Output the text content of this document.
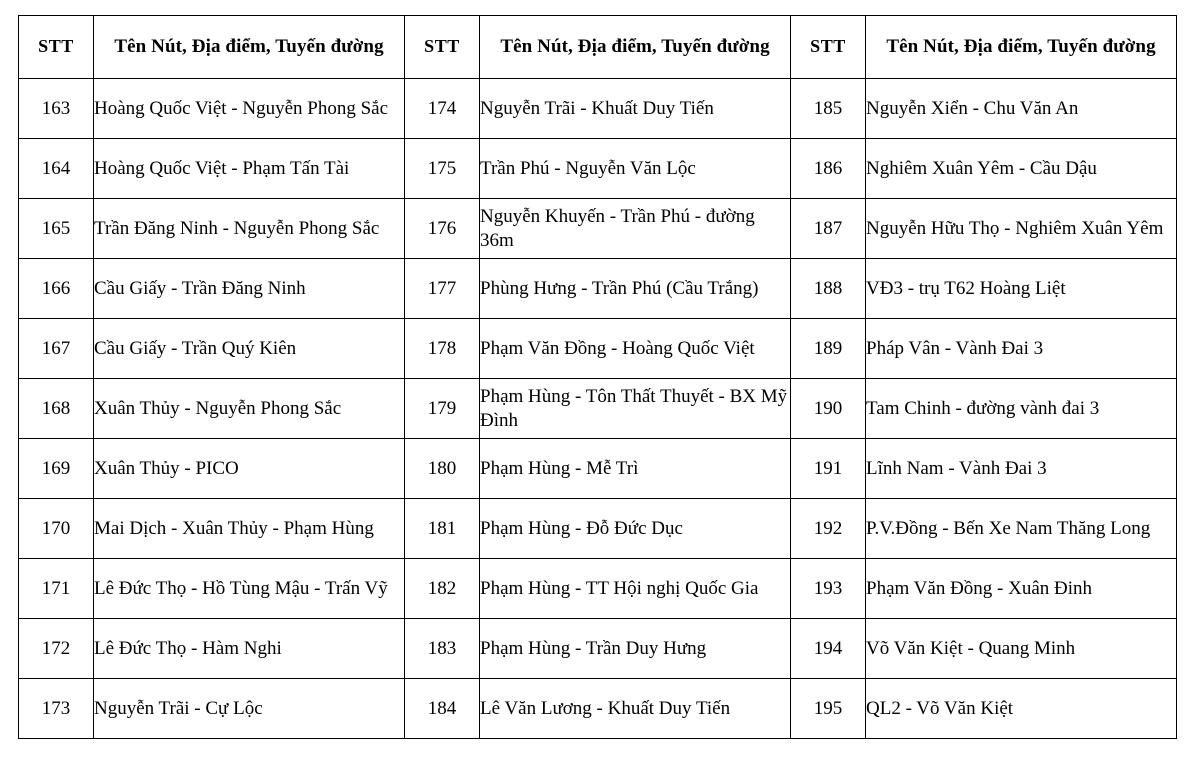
STT	Tên Nút, Địa điểm, Tuyến đường	STT	Tên Nút, Địa điểm, Tuyến đường	STT	Tên Nút, Địa điểm, Tuyến đường
163	Hoàng Quốc Việt - Nguyễn Phong Sắc	174	Nguyễn Trãi - Khuất Duy Tiến	185	Nguyễn Xiển - Chu Văn An
164	Hoàng Quốc Việt - Phạm Tấn Tài	175	Trần Phú - Nguyễn Văn Lộc	186	Nghiêm Xuân Yêm - Cầu Dậu
165	Trần Đăng Ninh - Nguyễn Phong Sắc	176	Nguyễn Khuyến - Trần Phú - đường 36m	187	Nguyễn Hữu Thọ - Nghiêm Xuân Yêm
166	Cầu Giấy - Trần Đăng Ninh	177	Phùng Hưng - Trần Phú (Cầu Trắng)	188	VĐ3 - trụ T62 Hoàng Liệt
167	Cầu Giấy - Trần Quý Kiên	178	Phạm Văn Đồng - Hoàng Quốc Việt	189	Pháp Vân - Vành Đai 3
168	Xuân Thủy - Nguyễn Phong Sắc	179	Phạm Hùng - Tôn Thất Thuyết - BX Mỹ Đình	190	Tam Chinh - đường vành đai 3
169	Xuân Thủy - PICO	180	Phạm Hùng - Mễ Trì	191	Lĩnh Nam - Vành Đai 3
170	Mai Dịch - Xuân Thủy - Phạm Hùng	181	Phạm Hùng - Đỗ Đức Dục	192	P.V.Đồng - Bến Xe Nam Thăng Long
171	Lê Đức Thọ - Hồ Tùng Mậu - Trấn Vỹ	182	Phạm Hùng - TT Hội nghị Quốc Gia	193	Phạm Văn Đồng - Xuân Đinh
172	Lê Đức Thọ - Hàm Nghi	183	Phạm Hùng - Trần Duy Hưng	194	Võ Văn Kiệt - Quang Minh
173	Nguyễn Trãi - Cự Lộc	184	Lê Văn Lương - Khuất Duy Tiến	195	QL2 - Võ Văn Kiệt
